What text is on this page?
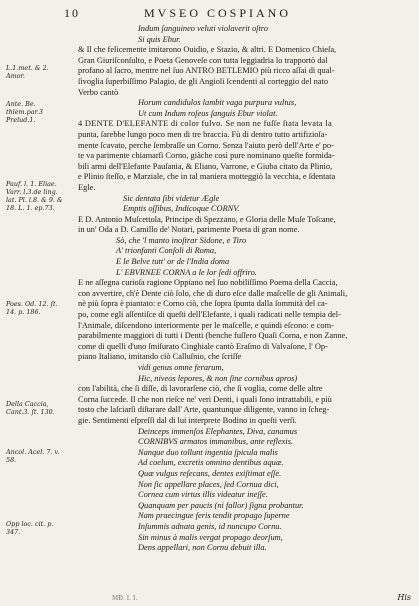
10	MVSEO COSPIANO
L.1.met. & 2. Amor.
Ante. Be. thlem.par.3 Prelud.1.
Pauf. l. 1. Eliae. Varr. l.3.de ling. lat. Pl. l.8. & 9. & 18. L. 1. ep.73.
Poes. Od. 12. ſt. 14. p. 186.
Della Caccia, Cant.3. ſt. 130.
Ancol. Acel. 7. v. 58.
Opp loc. cit. p. 347.
Indum ſanguineo veluti violaverit oſtro
Si quis Ebur.
& Il che felicemente imitarono Ouidio, e Stazio, & altri. E Domenico Chieſa,
Gran Giuriſconſulto, e Poeta Genoveſe con tutta leggiadria lo trapportò dal
profano al ſacro, mentre nel ſuo ANTRO BETLEMIO più ricco aſſai di qual-
ſivoglia ſuperbiſſimo Palagio, de gli Angioli ſcendenti al corteggio del nato
Verbo cantò
Horum candidulos lambit vaga purpura vultus,
Ut cum Indum roſeus ſanguis Ebur violat.
4 DENTE D'ELEFANTE di color fulvo. Se non ne fuſſe ſtata levata la
punta, ſarebbe lungo poco men di tre braccia. Fù di dentro tutto artifizioſa-
mente ſcavato, perche ſembraſſe un Corno. Senza l'aiuto però dell'Arte e' po-
te va parimente chiamarſi Corno, giàche così pure nominano queſte formida-
bili armi dell'Elefante Pauſania, & Eliano, Varrone, e Giuba citato da Plinio,
e Plinio ſteſſo, e Marziale, che in tal maniera motteggiò la vecchia, e ſdentata
Egle.
Sic dentata ſibi videtur Ægle
Emptis oſſibus, Indicoque CORNV.
E D. Antonio Muſcettola, Principe di Spezzano, e Gloria delle Muſe Toſcane,
in un' Oda a D. Camillo de' Notari, parimente Poeta di gran nome.
Sò, che 'l manto inoſtrar Sidone, e Tiro
A' trionfanti Conſoli di Roma,
E le Belve tutt' or de l'India doma
L' EBVRNEE CORNA a le lor ſedi offriro.
E ne aſſegna curioſa ragione Oppiano nel ſuo nobiliſſimo Poema della Caccia,
con avvertire, ch'è Dente ciò ſolo, che di duro eſce dalle maſcelle de gli Animali,
nè più ſopra è piantato: e Corno ciò, che ſopra ſpunta dalla ſommità del ca-
po, come egli aſſentiſce di queſti dell'Elefante, i quali radicati nelle tempia del-
l'Animale, diſcendono interiormente per le maſcelle, e quindi eſcono: e com-
parabilmente maggiori di tutti i Denti (benche fuſſero Quaſi Corna, e non Zanne,
come di quelli d'uno ſmiſurato Cinghiale cantò Eraſmo di Valvaſone, l' Op-
piano Italiano, imitando ciò Calluſnio, che ſcriſſe
vidi genus omne ferarum,
Hic, niveos lepores, & non ſine cornibus apros)
con l'abilità, che ſi diſſe, di lavorarſene ciò, che ſi voglia, come delle altre
Corna ſuccede. Il che non rieſce ne' veri Denti, i quali ſono intrattabili, e più
tosto che laſciarſi diſtarare dall' Arte, quantunque diligente, vanno in ſcheg-
gie. Sentimenti eſpreſſi dal di lui interprete Bodino in queſti verſi.
Deinceps immenſos Elephantes, Diva, canamus
CORNIBVS armatos immanibus, ante reflexis.
Nanque duo tollunt ingentia ſpicula malis
Ad coelum, excretis omnino dentibus aquæ.
Quæ vulgus reſecans, dentes exiſtimat eſſe.
Non ſic appellare places, ſed Cornua dici,
Cornea cum virtus illis videatur ineſſe.
Quanquam per paucis (ni fallor) ſigna probantur.
Nam praecingue feris tendit propago ſuperne
Inſummis adnata genis, id nuncupo Cornu.
Sin minus à malis vergat propago deorſum,
Dens appellari, non Cornu debuit illa.
MƉ. I. I.	His
